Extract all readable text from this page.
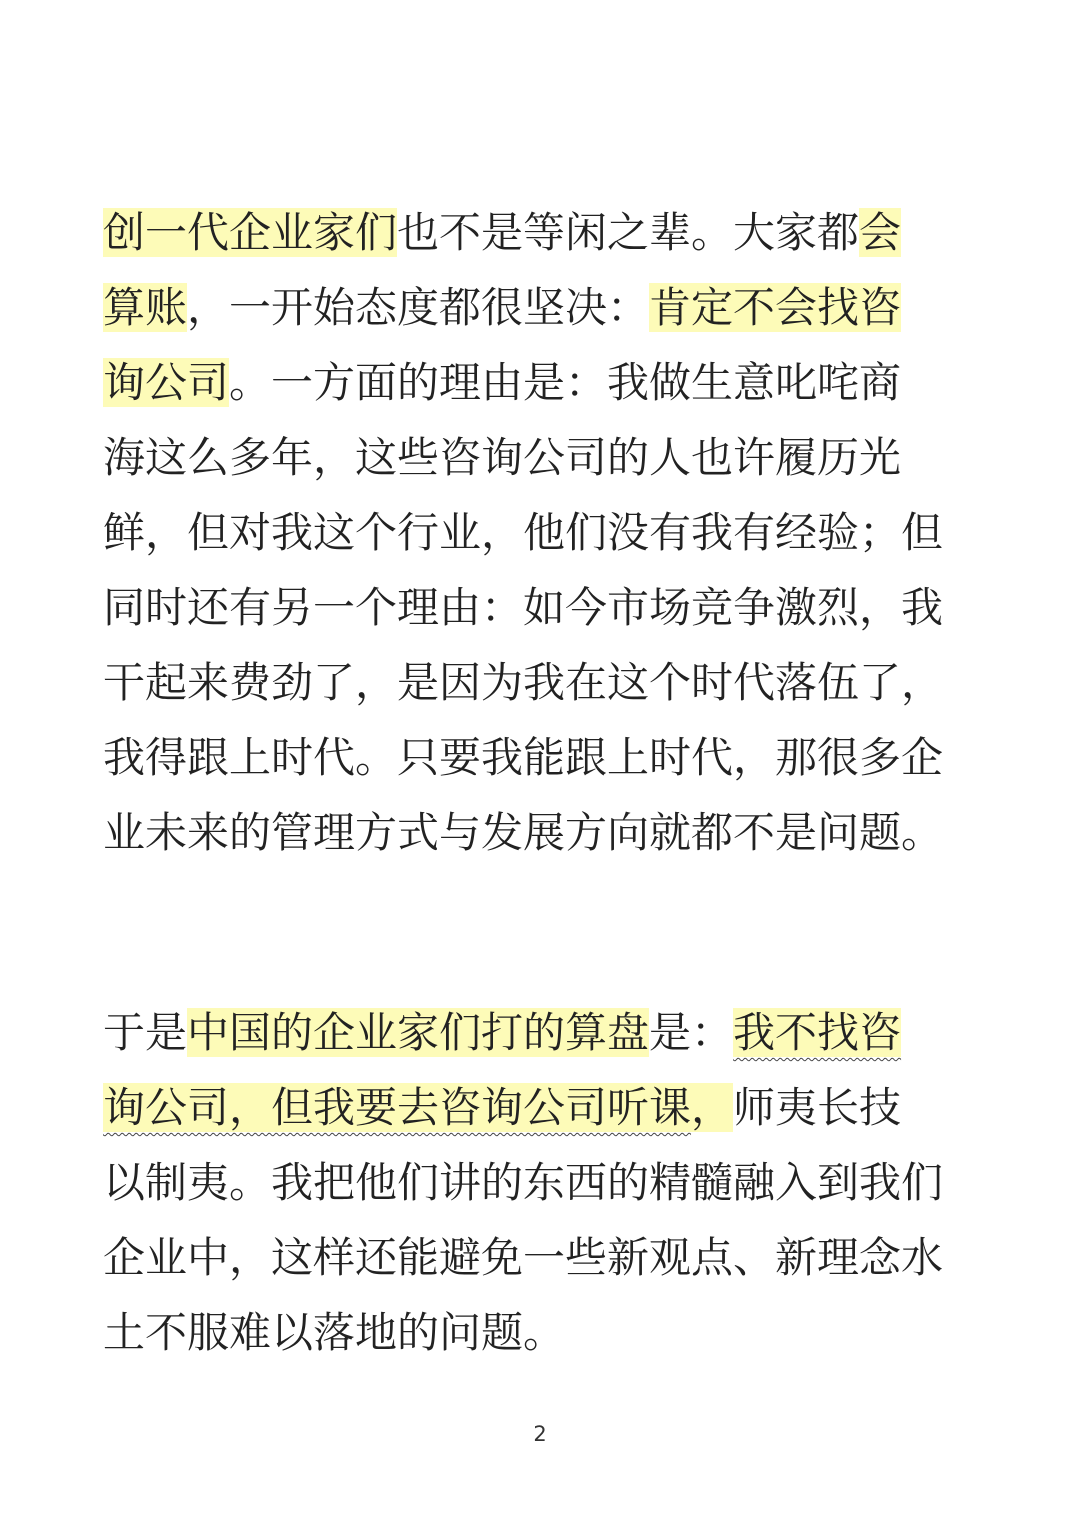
创一代企业家们也不是等闲之辈。大家都会算账，一开始态度都很坚决：肯定不会找咨询公司。一方面的理由是：我做生意叱咤商海这么多年，这些咨询公司的人也许履历光鲜，但对我这个行业，他们没有我有经验；但同时还有另一个理由：如今市场竞争激烈，我干起来费劲了，是因为我在这个时代落伍了，我得跟上时代。只要我能跟上时代，那很多企业未来的管理方式与发展方向就都不是问题。

于是中国的企业家们打的算盘是：我不找咨询公司，但我要去咨询公司听课，师夷长技以制夷。我把他们讲的东西的精髓融入到我们企业中，这样还能避免一些新观点、新理念水土不服难以落地的问题。

2
